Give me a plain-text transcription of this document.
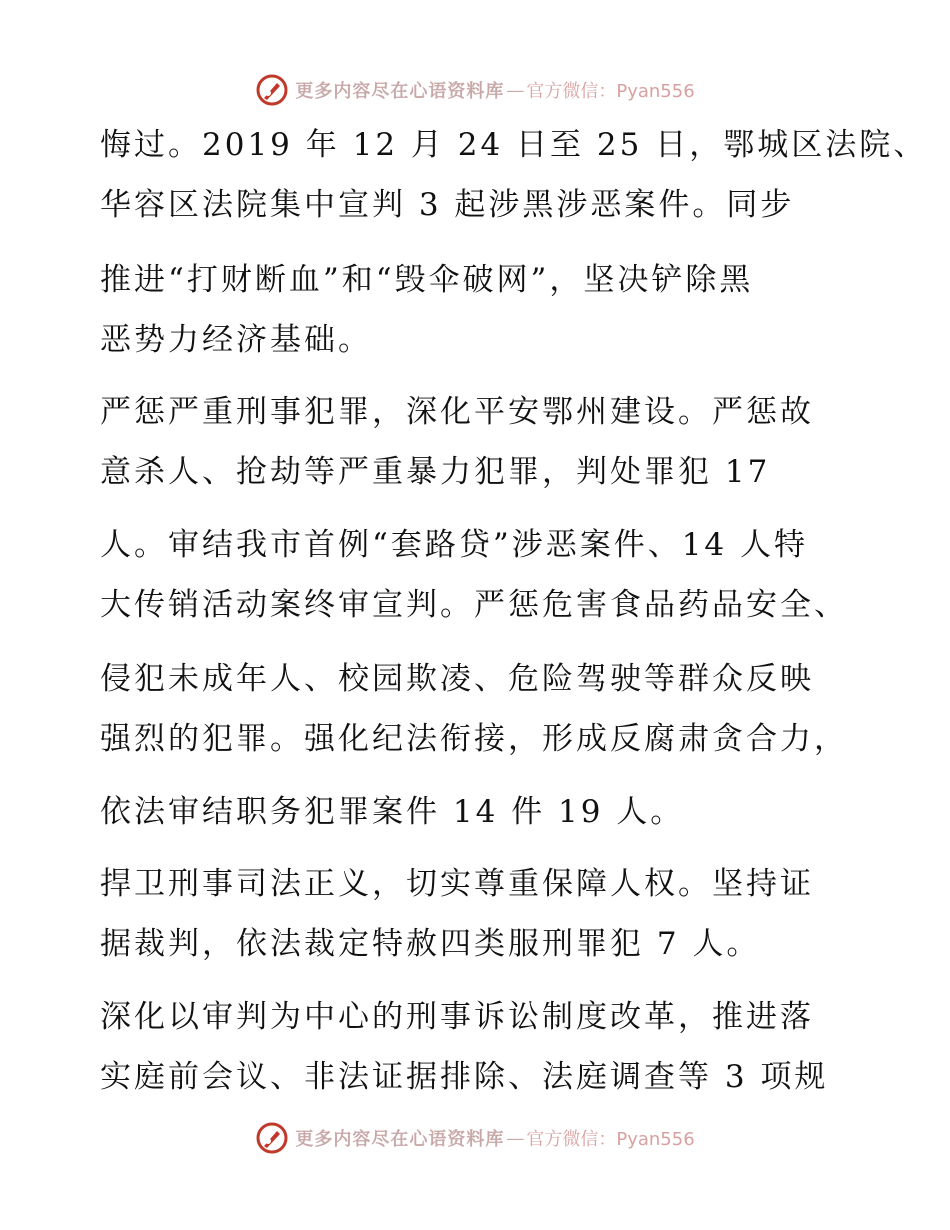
更多内容尽在心语资料库 — 官方微信：Pyan556
悔过。2019 年 12 月 24 日至 25 日，鄂城区法院、
华容区法院集中宣判 3 起涉黑涉恶案件。同步
推进“打财断血”和“毁伞破网”，坚决铲除黑
恶势力经济基础。
严惩严重刑事犯罪，深化平安鄂州建设。严惩故
意杀人、抢劫等严重暴力犯罪，判处罪犯 17
人。审结我市首例“套路贷”涉恶案件、14 人特
大传销活动案终审宣判。严惩危害食品药品安全、
侵犯未成年人、校园欺凌、危险驾驶等群众反映
强烈的犯罪。强化纪法衔接，形成反腐肃贪合力，
依法审结职务犯罪案件 14 件 19 人。
捍卫刑事司法正义，切实尊重保障人权。坚持证
据裁判，依法裁定特赦四类服刑罪犯 7 人。
深化以审判为中心的刑事诉讼制度改革，推进落
实庭前会议、非法证据排除、法庭调查等 3 项规
更多内容尽在心语资料库 — 官方微信：Pyan556
